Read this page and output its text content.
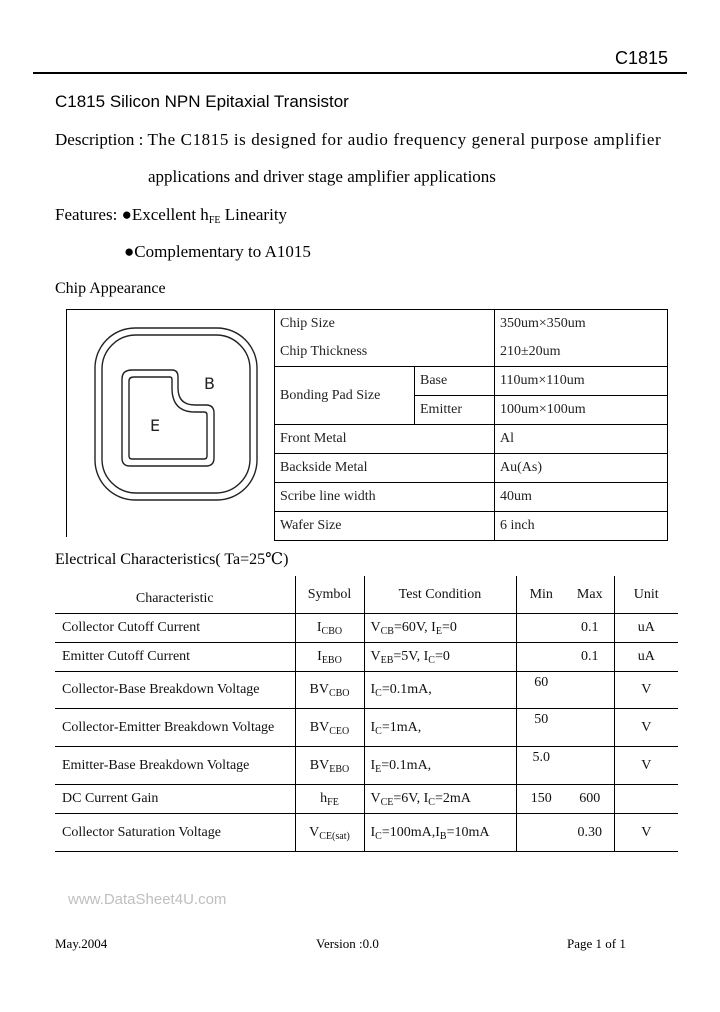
C1815
C1815 Silicon NPN Epitaxial Transistor
Description : The C1815 is designed for audio frequency general purpose amplifier
applications and driver stage amplifier applications
Features: ●Excellent $h_{FE}$ Linearity
●Complementary to A1015
Chip Appearance
B
E
Chip Size		350um×350um
Chip Thickness		210±20um
Bonding Pad Size	Base	110um×110um
	Emitter	100um×100um
Front Metal		Al
Backside Metal		Au(As)
Scribe line width		40um
Wafer Size		6 inch
Electrical Characteristics( Ta=25℃)
Characteristic	Symbol	Test Condition	Min	Max	Unit
Collector Cutoff Current	$I_{CBO}$	$V_{CB}=60V$, $I_E=0$		0.1	uA
Emitter Cutoff Current	$I_{EBO}$	$V_{EB}=5V$, $I_C=0$		0.1	uA
Collector-Base Breakdown Voltage	$BV_{CBO}$	$I_C=0.1mA$,	60		V
Collector-Emitter Breakdown Voltage	$BV_{CEO}$	$I_C=1mA$,	50		V
Emitter-Base Breakdown Voltage	$BV_{EBO}$	$I_E=0.1mA$,	5.0		V
DC Current Gain	$h_{FE}$	$V_{CE}=6V$, $I_C=2mA$	150	600	
Collector Saturation Voltage	$V_{CE(sat)}$	$I_C=100mA,I_B=10mA$		0.30	V
www.DataSheet4U.com
May.2004	Version :0.0	Page 1 of 1
